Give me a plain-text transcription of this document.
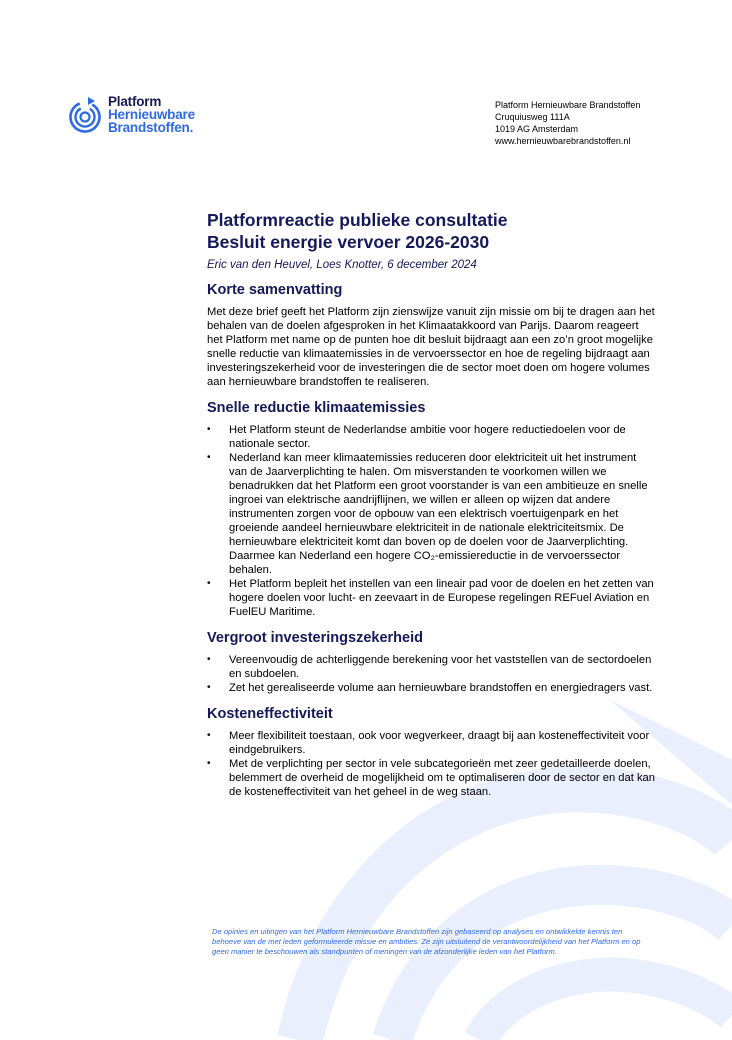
Platform
Hernieuwbare
Brandstoffen.
Platform Hernieuwbare Brandstoffen
Cruquiusweg 111A
1019 AG Amsterdam
www.hernieuwbarebrandstoffen.nl
Platformreactie publieke consultatie
Besluit energie vervoer 2026-2030
Eric van den Heuvel, Loes Knotter, 6 december 2024
Korte samenvatting

Met deze brief geeft het Platform zijn zienswijze vanuit zijn missie om bij te dragen aan het behalen van de doelen afgesproken in het Klimaatakkoord van Parijs. Daarom reageert het Platform met name op de punten hoe dit besluit bijdraagt aan een zo’n groot mogelijke snelle reductie van klimaatemissies in de vervoerssector en hoe de regeling bijdraagt aan investeringszekerheid voor de investeringen die de sector moet doen om hogere volumes aan hernieuwbare brandstoffen te realiseren.

Snelle reductie klimaatemissies
• Het Platform steunt de Nederlandse ambitie voor hogere reductiedoelen voor de nationale sector.
• Nederland kan meer klimaatemissies reduceren door elektriciteit uit het instrument van de Jaarverplichting te halen. Om misverstanden te voorkomen willen we benadrukken dat het Platform een groot voorstander is van een ambitieuze en snelle ingroei van elektrische aandrijflijnen, we willen er alleen op wijzen dat andere instrumenten zorgen voor de opbouw van een elektrisch voertuigenpark en het groeiende aandeel hernieuwbare elektriciteit in de nationale elektriciteitsmix. De hernieuwbare elektriciteit komt dan boven op de doelen voor de Jaarverplichting. Daarmee kan Nederland een hogere CO₂-emissiereductie in de vervoerssector behalen.
• Het Platform bepleit het instellen van een lineair pad voor de doelen en het zetten van hogere doelen voor lucht- en zeevaart in de Europese regelingen REFuel Aviation en FuelEU Maritime.
Vergroot investeringszekerheid
• Vereenvoudig de achterliggende berekening voor het vaststellen van de sectordoelen en subdoelen.
• Zet het gerealiseerde volume aan hernieuwbare brandstoffen en energiedragers vast.
Kosteneffectiviteit
• Meer flexibiliteit toestaan, ook voor wegverkeer, draagt bij aan kosteneffectiviteit voor eindgebruikers.
• Met de verplichting per sector in vele subcategorieën met zeer gedetailleerde doelen, belemmert de overheid de mogelijkheid om te optimaliseren door de sector en dat kan de kosteneffectiviteit van het geheel in de weg staan.
De opinies en uitingen van het Platform Hernieuwbare Brandstoffen zijn gebaseerd op analyses en ontwikkelde kennis ten behoeve van de met leden geformuleerde missie en ambities. Ze zijn uitsluitend de verantwoordelijkheid van het Platform en op geen manier te beschouwen als standpunten of meningen van de afzonderlijke leden van het Platform.
